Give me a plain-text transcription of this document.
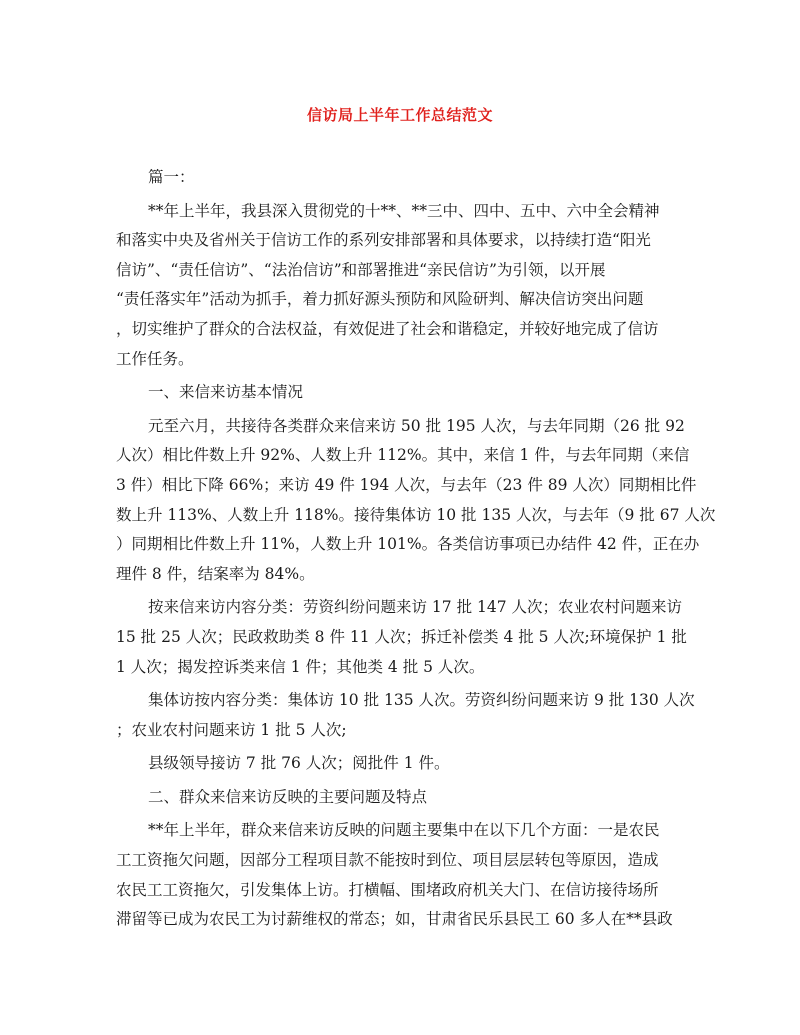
信访局上半年工作总结范文
篇一：
**年上半年，我县深入贯彻党的十**、**三中、四中、五中、六中全会精神
和落实中央及省州关于信访工作的系列安排部署和具体要求，以持续打造“阳光
信访”、“责任信访”、“法治信访”和部署推进“亲民信访”为引领，以开展
“责任落实年”活动为抓手，着力抓好源头预防和风险研判、解决信访突出问题
，切实维护了群众的合法权益，有效促进了社会和谐稳定，并较好地完成了信访
工作任务。
一、来信来访基本情况
元至六月，共接待各类群众来信来访 50 批 195 人次，与去年同期（26 批 92
人次）相比件数上升 92%、人数上升 112%。其中，来信 1 件，与去年同期（来信
3 件）相比下降 66%；来访 49 件 194 人次，与去年（23 件 89 人次）同期相比件
数上升 113%、人数上升 118%。接待集体访 10 批 135 人次，与去年（9 批 67 人次
）同期相比件数上升 11%，人数上升 101%。各类信访事项已办结件 42 件，正在办
理件 8 件，结案率为 84%。
按来信来访内容分类：劳资纠纷问题来访 17 批 147 人次；农业农村问题来访
15 批 25 人次；民政救助类 8 件 11 人次；拆迁补偿类 4 批 5 人次;环境保护 1 批
1 人次；揭发控诉类来信 1 件；其他类 4 批 5 人次。
集体访按内容分类：集体访 10 批 135 人次。劳资纠纷问题来访 9 批 130 人次
；农业农村问题来访 1 批 5 人次;
县级领导接访 7 批 76 人次；阅批件 1 件。
二、群众来信来访反映的主要问题及特点
**年上半年，群众来信来访反映的问题主要集中在以下几个方面：一是农民
工工资拖欠问题，因部分工程项目款不能按时到位、项目层层转包等原因，造成
农民工工资拖欠，引发集体上访。打横幅、围堵政府机关大门、在信访接待场所
滞留等已成为农民工为讨薪维权的常态；如，甘肃省民乐县民工 60 多人在**县政
